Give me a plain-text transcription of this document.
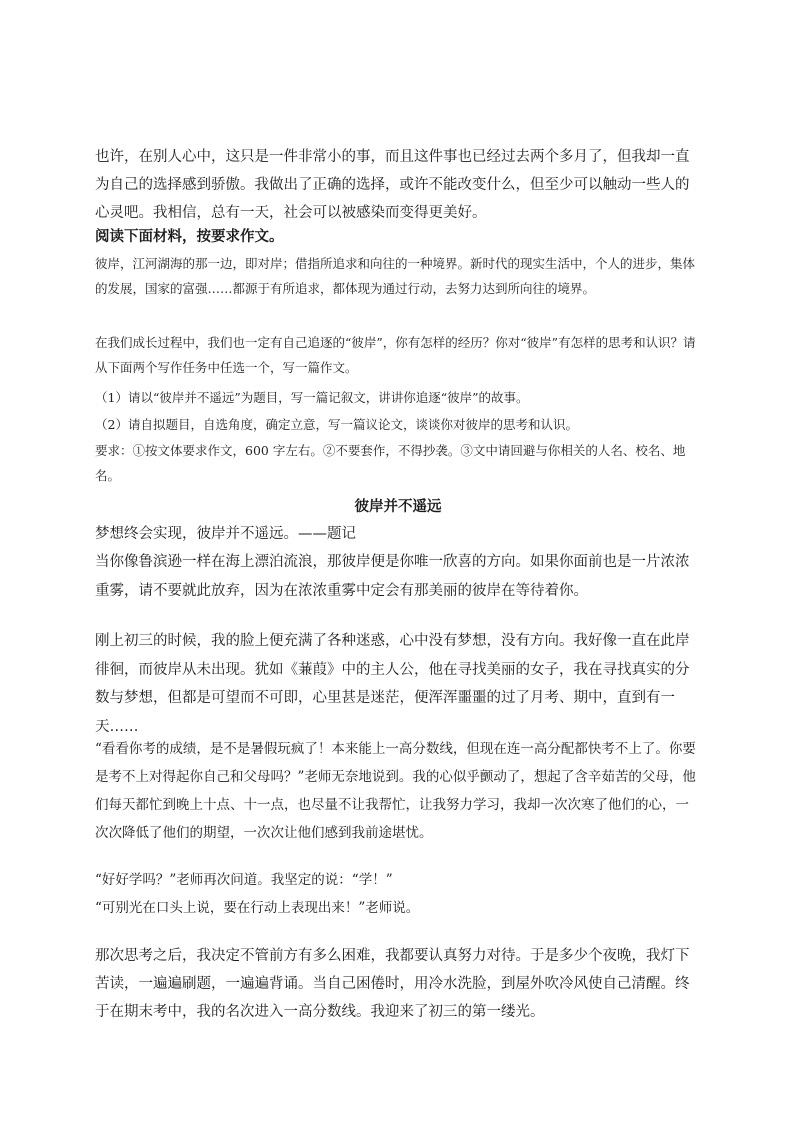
也许，在别人心中，这只是一件非常小的事，而且这件事也已经过去两个多月了，但我却一直为自己的选择感到骄傲。我做出了正确的选择，或许不能改变什么，但至少可以触动一些人的心灵吧。我相信，总有一天，社会可以被感染而变得更美好。

阅读下面材料，按要求作文。

彼岸，江河湖海的那一边，即对岸；借指所追求和向往的一种境界。新时代的现实生活中，个人的进步，集体的发展，国家的富强……都源于有所追求，都体现为通过行动，去努力达到所向往的境界。

在我们成长过程中，我们也一定有自己追逐的“彼岸”，你有怎样的经历？你对“彼岸”有怎样的思考和认识？请从下面两个写作任务中任选一个，写一篇作文。

（1）请以“彼岸并不遥远”为题目，写一篇记叙文，讲讲你追逐“彼岸”的故事。

（2）请自拟题目，自选角度，确定立意，写一篇议论文，谈谈你对彼岸的思考和认识。

要求：①按文体要求作文，600 字左右。②不要套作，不得抄袭。③文中请回避与你相关的人名、校名、地名。

彼岸并不遥远

梦想终会实现，彼岸并不遥远。——题记

当你像鲁滨逊一样在海上漂泊流浪，那彼岸便是你唯一欣喜的方向。如果你面前也是一片浓浓重雾，请不要就此放弃，因为在浓浓重雾中定会有那美丽的彼岸在等待着你。

刚上初三的时候，我的脸上便充满了各种迷惑，心中没有梦想，没有方向。我好像一直在此岸徘徊，而彼岸从未出现。犹如《蒹葭》中的主人公，他在寻找美丽的女子，我在寻找真实的分数与梦想，但都是可望而不可即，心里甚是迷茫，便浑浑噩噩的过了月考、期中，直到有一天……

“看看你考的成绩，是不是暑假玩疯了！本来能上一高分数线，但现在连一高分配都快考不上了。你要是考不上对得起你自己和父母吗？”老师无奈地说到。我的心似乎颤动了，想起了含辛茹苦的父母，他们每天都忙到晚上十点、十一点，也尽量不让我帮忙，让我努力学习，我却一次次寒了他们的心，一次次降低了他们的期望，一次次让他们感到我前途堪忧。

“好好学吗？”老师再次问道。我坚定的说：“学！”

“可别光在口头上说，要在行动上表现出来！”老师说。

那次思考之后，我决定不管前方有多么困难，我都要认真努力对待。于是多少个夜晚，我灯下苦读，一遍遍刷题，一遍遍背诵。当自己困倦时，用冷水洗脸，到屋外吹冷风使自己清醒。终于在期末考中，我的名次进入一高分数线。我迎来了初三的第一缕光。
